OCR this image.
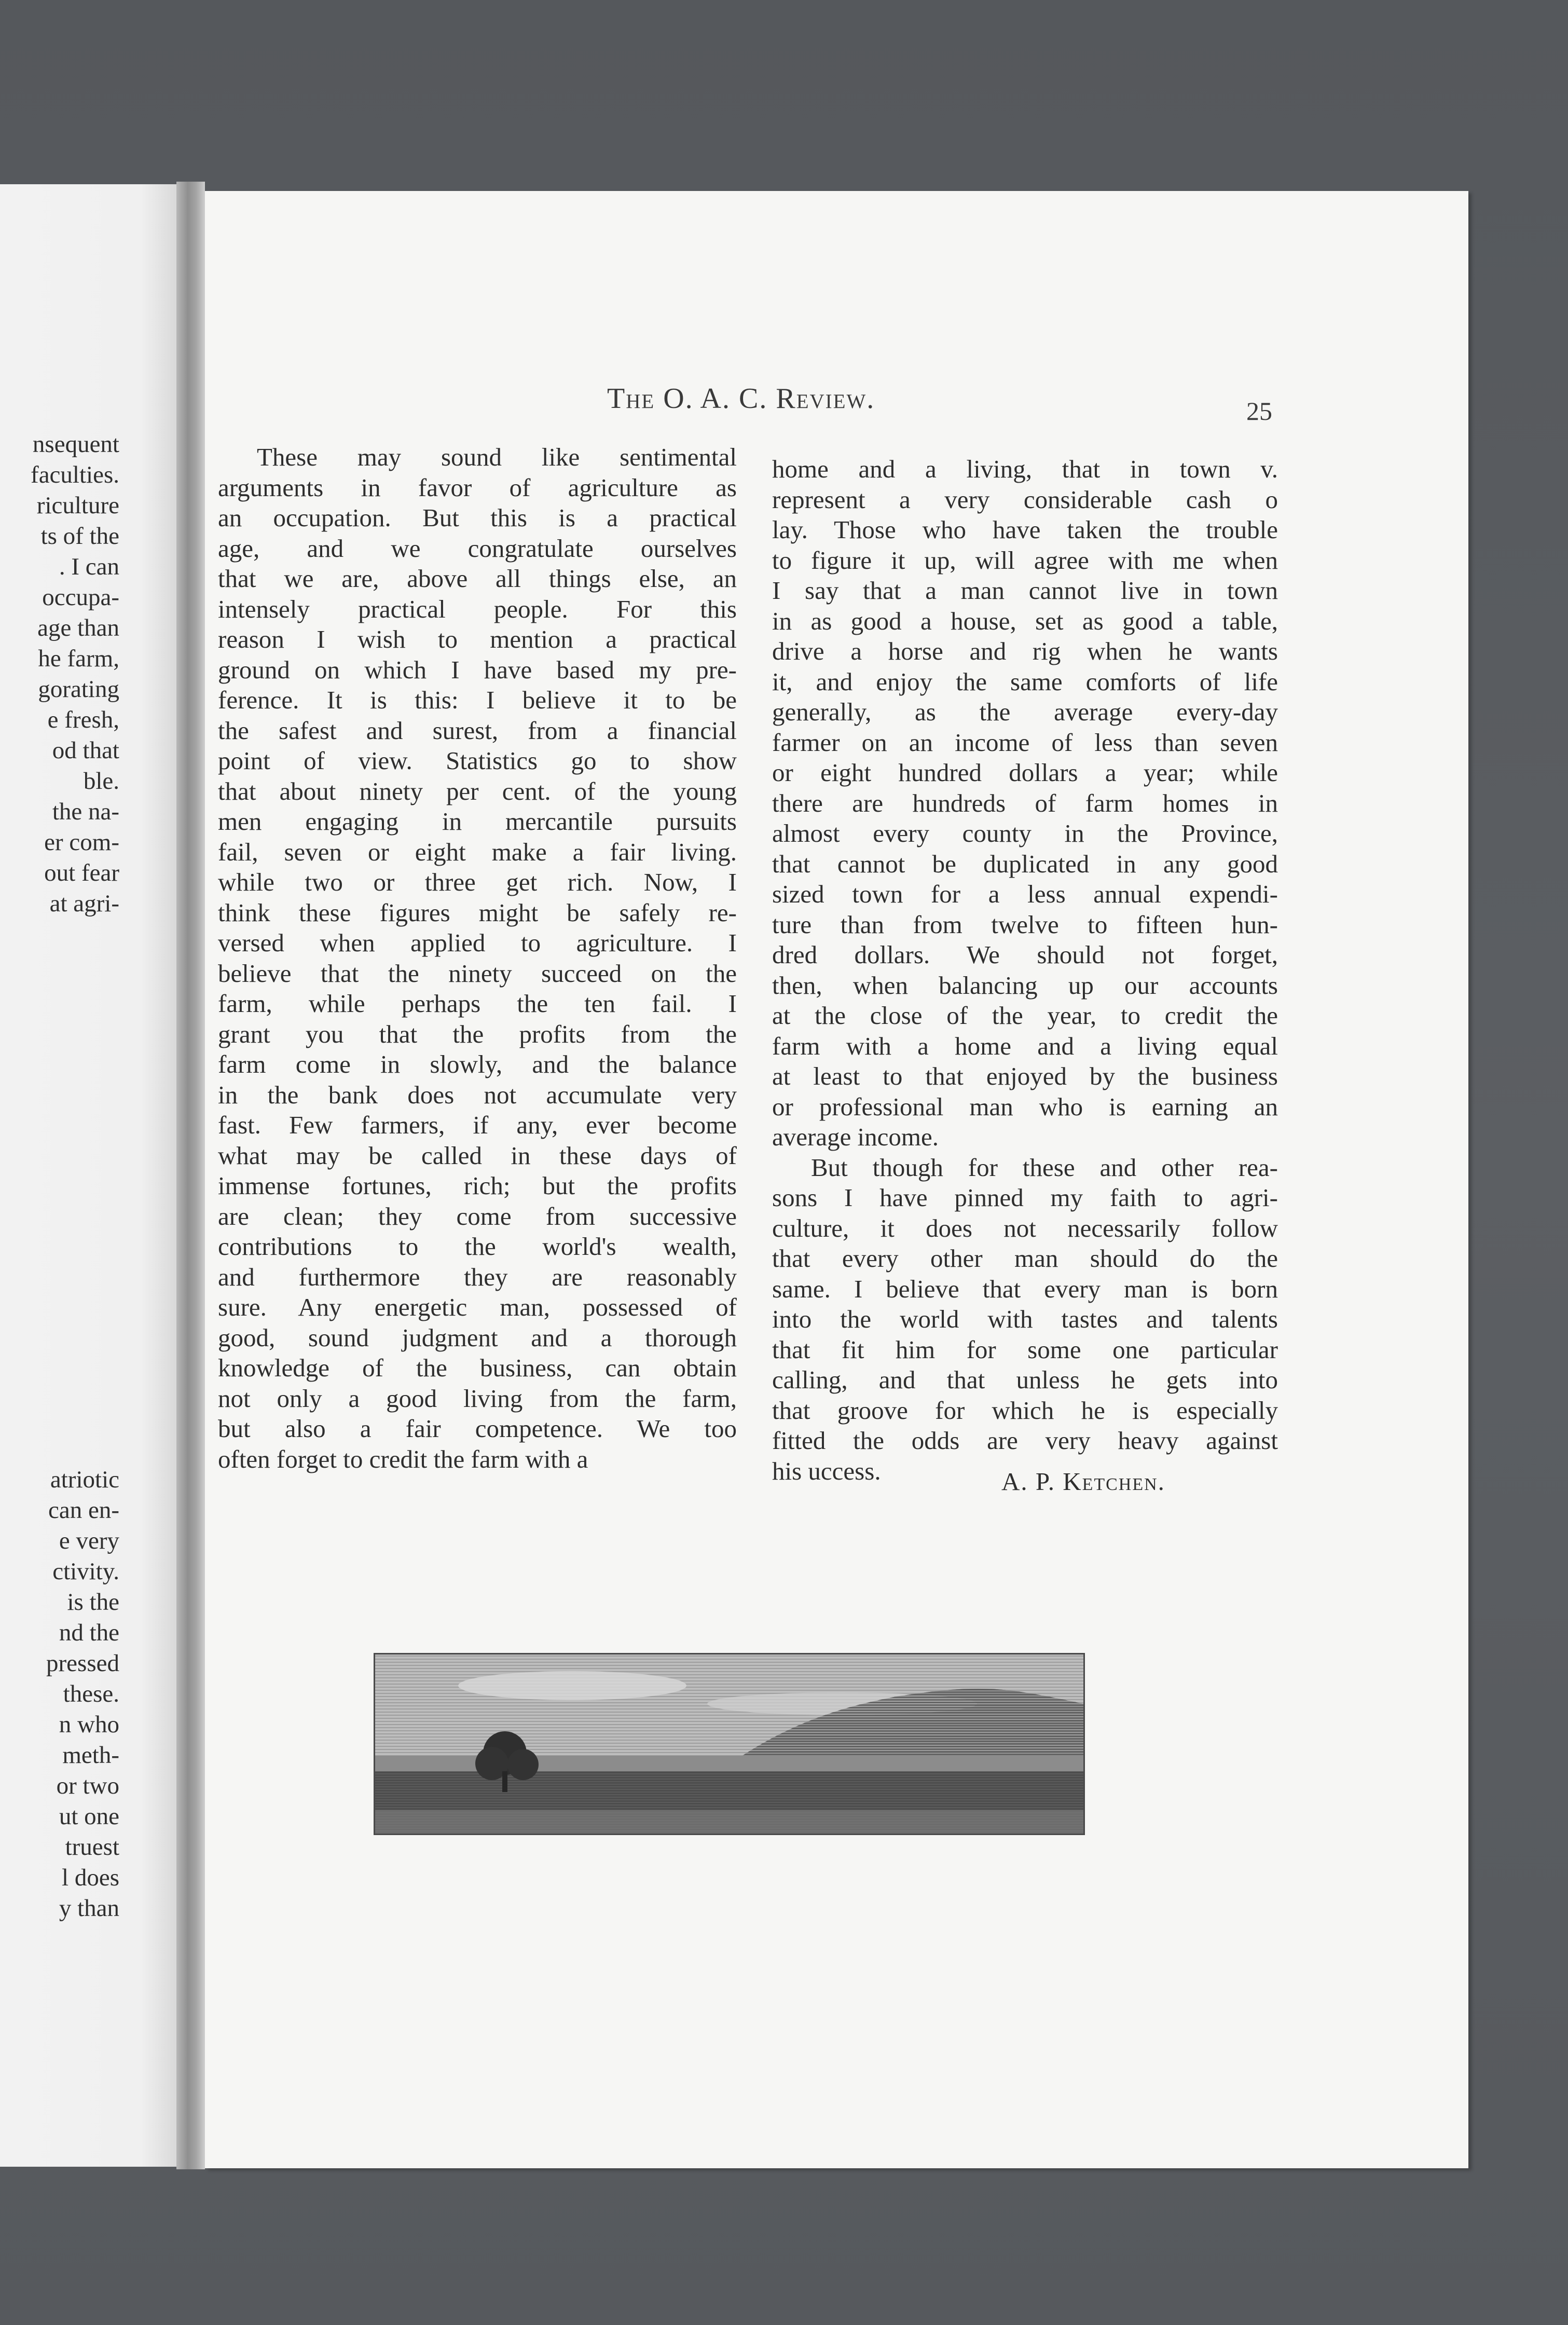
nsequent
faculties.
riculture
ts of the
. I can
occupa-
age than
he farm,
gorating
e fresh,
od that
ble.
the na-
er com-
out fear
at agri-
atriotic
can en-
e very
ctivity.
is the
nd the
pressed
these.
n who
meth-
or two
ut one
truest
l does
y than
The O. A. C. Review.	25
These may sound like sentimental
arguments in favor of agriculture as
an occupation. But this is a practical
age, and we congratulate ourselves
that we are, above all things else, an
intensely practical people. For this
reason I wish to mention a practical
ground on which I have based my pre-
ference. It is this: I believe it to be
the safest and surest, from a financial
point of view. Statistics go to show
that about ninety per cent. of the young
men engaging in mercantile pursuits
fail, seven or eight make a fair living.
while two or three get rich. Now, I
think these figures might be safely re-
versed when applied to agriculture. I
believe that the ninety succeed on the
farm, while perhaps the ten fail. I
grant you that the profits from the
farm come in slowly, and the balance
in the bank does not accumulate very
fast. Few farmers, if any, ever become
what may be called in these days of
immense fortunes, rich; but the profits
are clean; they come from successive
contributions to the world's wealth,
and furthermore they are reasonably
sure. Any energetic man, possessed of
good, sound judgment and a thorough
knowledge of the business, can obtain
not only a good living from the farm,
but also a fair competence. We too
often forget to credit the farm with a
home and a living, that in town v.
represent a very considerable cash o
lay. Those who have taken the trouble
to figure it up, will agree with me when
I say that a man cannot live in town
in as good a house, set as good a table,
drive a horse and rig when he wants
it, and enjoy the same comforts of life
generally, as the average every-day
farmer on an income of less than seven
or eight hundred dollars a year; while
there are hundreds of farm homes in
almost every county in the Province,
that cannot be duplicated in any good
sized town for a less annual expendi-
ture than from twelve to fifteen hun-
dred dollars. We should not forget,
then, when balancing up our accounts
at the close of the year, to credit the
farm with a home and a living equal
at least to that enjoyed by the business
or professional man who is earning an
average income.
But though for these and other rea-
sons I have pinned my faith to agri-
culture, it does not necessarily follow
that every other man should do the
same. I believe that every man is born
into the world with tastes and talents
that fit him for some one particular
calling, and that unless he gets into
that groove for which he is especially
fitted the odds are very heavy against
his uccess.	A. P. Ketchen.
